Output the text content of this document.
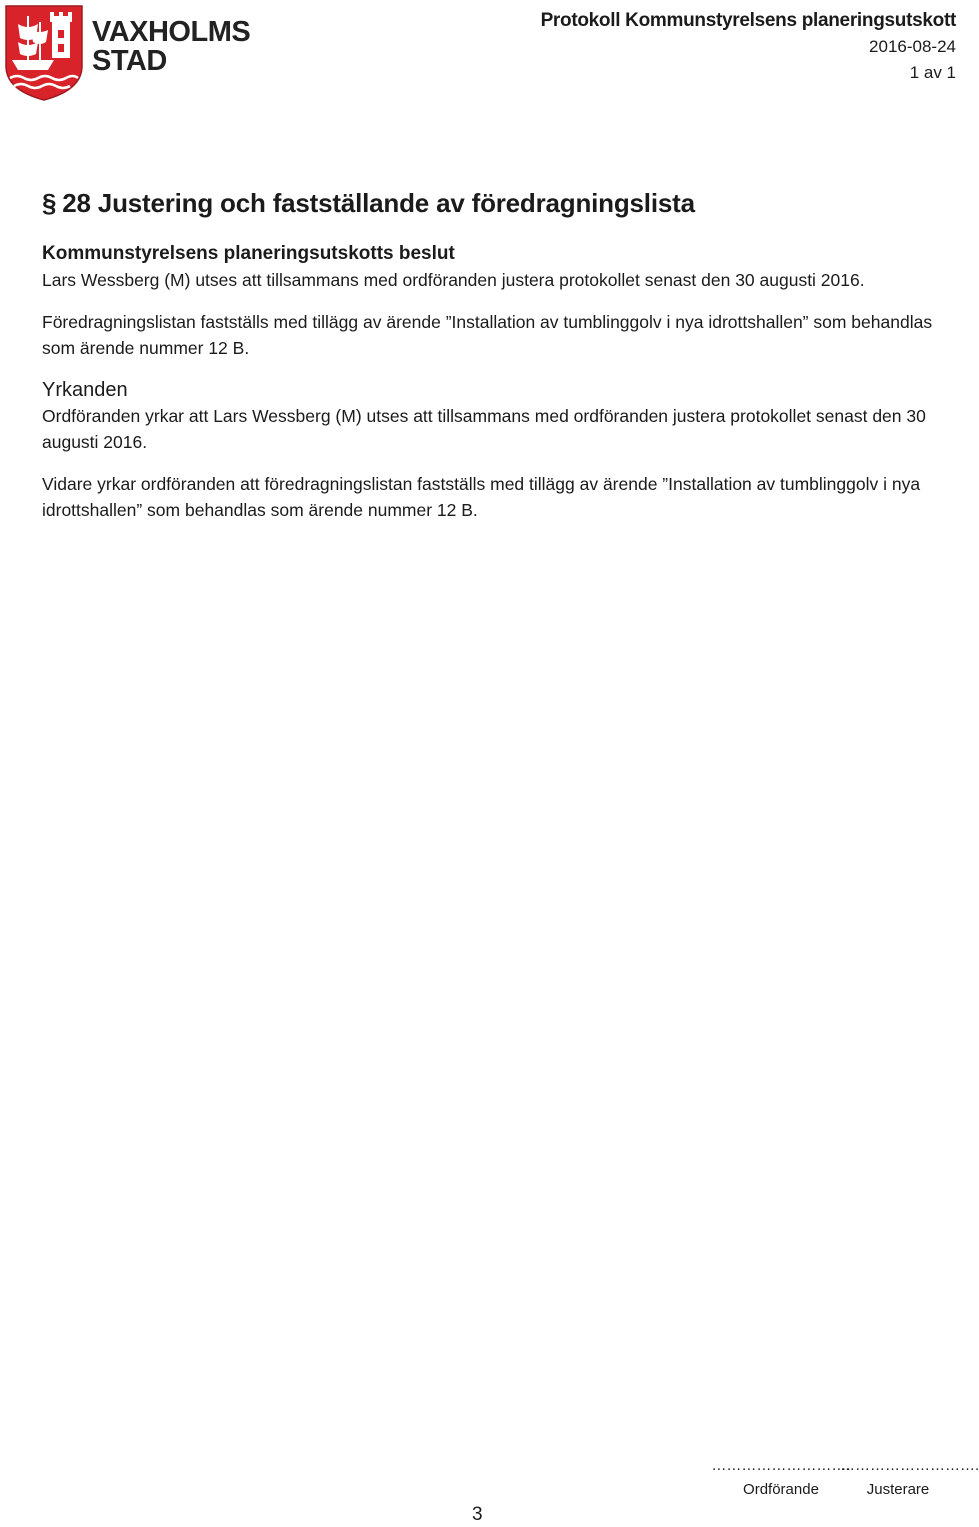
VAXHOLMS
STAD
Protokoll Kommunstyrelsens planeringsutskott
2016-08-24
1 av 1
§ 28 Justering och fastställande av föredragningslista
Kommunstyrelsens planeringsutskotts beslut

Lars Wessberg (M) utses att tillsammans med ordföranden justera protokollet senast den 30 augusti 2016.

Föredragningslistan fastställs med tillägg av ärende ”Installation av tumblinggolv i nya idrottshallen” som behandlas som ärende nummer 12 B.

Yrkanden

Ordföranden yrkar att Lars Wessberg (M) utses att tillsammans med ordföranden justera protokollet senast den 30 augusti 2016.

Vidare yrkar ordföranden att föredragningslistan fastställs med tillägg av ärende ”Installation av tumblinggolv i nya idrottshallen” som behandlas som ärende nummer 12 B.

3
……………………….
Ordförande
……………………….
Justerare
